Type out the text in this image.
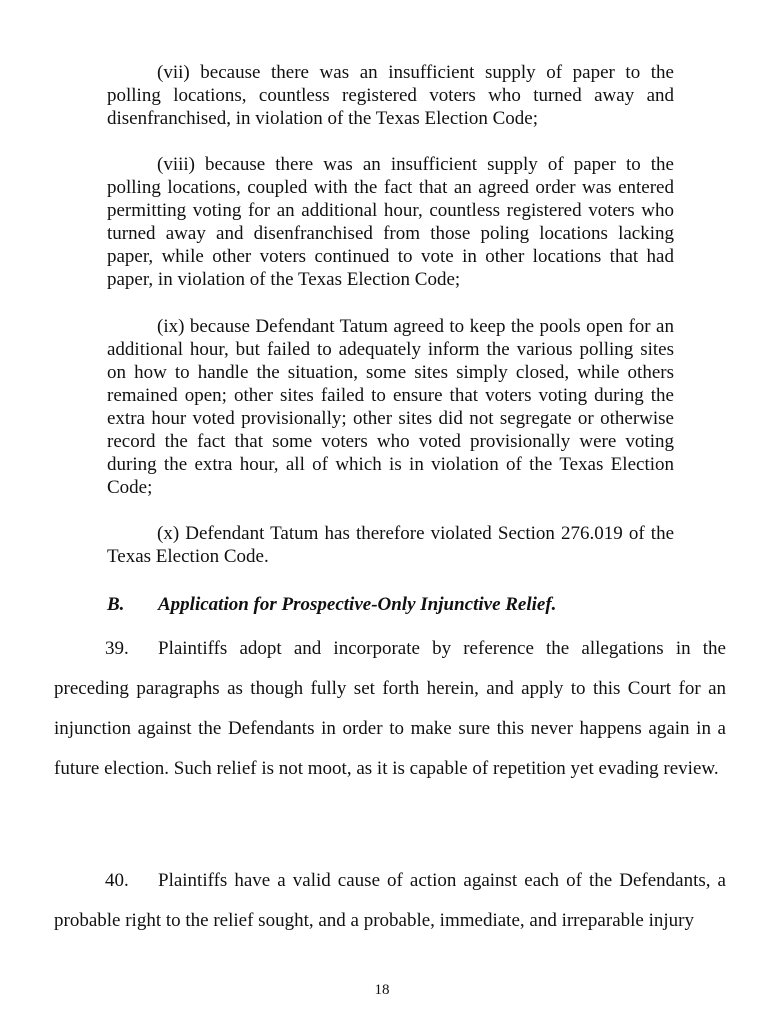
(vii) because there was an insufficient supply of paper to the polling locations, countless registered voters who turned away and disenfranchised, in violation of the Texas Election Code;
(viii) because there was an insufficient supply of paper to the polling locations, coupled with the fact that an agreed order was entered permitting voting for an additional hour, countless registered voters who turned away and disenfranchised from those poling locations lacking paper, while other voters continued to vote in other locations that had paper, in violation of the Texas Election Code;
(ix) because Defendant Tatum agreed to keep the pools open for an additional hour, but failed to adequately inform the various polling sites on how to handle the situation, some sites simply closed, while others remained open; other sites failed to ensure that voters voting during the extra hour voted provisionally; other sites did not segregate or otherwise record the fact that some voters who voted provisionally were voting during the extra hour, all of which is in violation of the Texas Election Code;
(x) Defendant Tatum has therefore violated Section 276.019 of the Texas Election Code.
B. Application for Prospective-Only Injunctive Relief.
39. Plaintiffs adopt and incorporate by reference the allegations in the preceding paragraphs as though fully set forth herein, and apply to this Court for an injunction against the Defendants in order to make sure this never happens again in a future election. Such relief is not moot, as it is capable of repetition yet evading review.
40. Plaintiffs have a valid cause of action against each of the Defendants, a probable right to the relief sought, and a probable, immediate, and irreparable injury
18
